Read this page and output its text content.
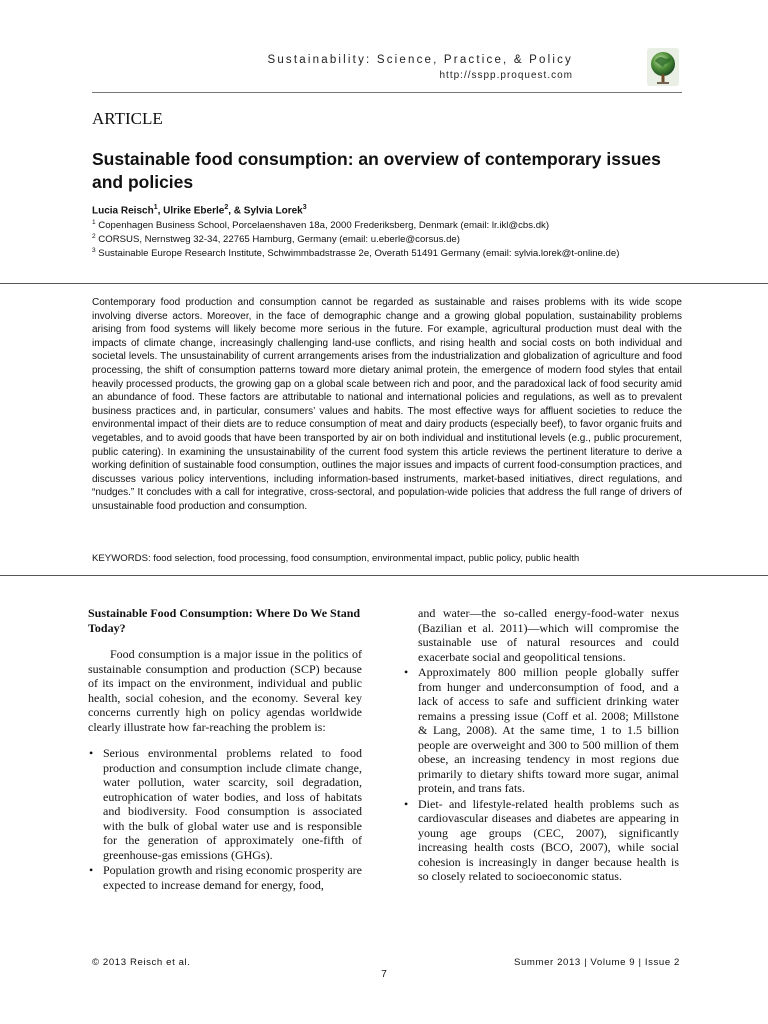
Sustainability: Science, Practice, & Policy
http://sspp.proquest.com
ARTICLE
Sustainable food consumption: an overview of contemporary issues and policies
Lucia Reisch$^1$, Ulrike Eberle$^2$, & Sylvia Lorek$^3$
$^1$ Copenhagen Business School, Porcelaenshaven 18a, 2000 Frederiksberg, Denmark (email: lr.ikl@cbs.dk)
$^2$ CORSUS, Nernstweg 32-34, 22765 Hamburg, Germany (email: u.eberle@corsus.de)
$^3$ Sustainable Europe Research Institute, Schwimmbadstrasse 2e, Overath 51491 Germany (email: sylvia.lorek@t-online.de)

Contemporary food production and consumption cannot be regarded as sustainable and raises problems with its wide scope involving diverse actors. Moreover, in the face of demographic change and a growing global population, sustainability problems arising from food systems will likely become more serious in the future. For example, agricultural production must deal with the impacts of climate change, increasingly challenging land-use conflicts, and rising health and social costs on both individual and societal levels. The unsustainability of current arrangements arises from the industrialization and globalization of agriculture and food processing, the shift of consumption patterns toward more dietary animal protein, the emergence of modern food styles that entail heavily processed products, the growing gap on a global scale between rich and poor, and the paradoxical lack of food security amid an abundance of food. These factors are attributable to national and international policies and regulations, as well as to prevalent business practices and, in particular, consumers’ values and habits. The most effective ways for affluent societies to reduce the environmental impact of their diets are to reduce consumption of meat and dairy products (especially beef), to favor organic fruits and vegetables, and to avoid goods that have been transported by air on both individual and institutional levels (e.g., public procurement, public catering). In examining the unsustainability of the current food system this article reviews the pertinent literature to derive a working definition of sustainable food consumption, outlines the major issues and impacts of current food-consumption practices, and discusses various policy interventions, including information-based instruments, market-based initiatives, direct regulations, and “nudges.” It concludes with a call for integrative, cross-sectoral, and population-wide policies that address the full range of drivers of unsustainable food production and consumption.

KEYWORDS: food selection, food processing, food consumption, environmental impact, public policy, public health
Sustainable Food Consumption: Where Do We Stand Today?

Food consumption is a major issue in the politics of sustainable consumption and production (SCP) because of its impact on the environment, individual and public health, social cohesion, and the economy. Several key concerns currently high on policy agendas worldwide clearly illustrate how far-reaching the problem is:

• Serious environmental problems related to food production and consumption include climate change, water pollution, water scarcity, soil degradation, eutrophication of water bodies, and loss of habitats and biodiversity. Food consumption is associated with the bulk of global water use and is responsible for the generation of approximately one-fifth of greenhouse-gas emissions (GHGs).
• Population growth and rising economic prosperity are expected to increase demand for energy, food,

and water—the so-called energy-food-water nexus (Bazilian et al. 2011)—which will compromise the sustainable use of natural resources and could exacerbate social and geopolitical tensions.

• Approximately 800 million people globally suffer from hunger and underconsumption of food, and a lack of access to safe and sufficient drinking water remains a pressing issue (Coff et al. 2008; Millstone & Lang, 2008). At the same time, 1 to 1.5 billion people are overweight and 300 to 500 million of them obese, an increasing tendency in most regions due primarily to dietary shifts toward more sugar, animal protein, and trans fats.
• Diet- and lifestyle-related health problems such as cardiovascular diseases and diabetes are appearing in young age groups (CEC, 2007), significantly increasing health costs (BCO, 2007), while social cohesion is increasingly in danger because health is so closely related to socioeconomic status.
© 2013 Reisch et al.	Summer 2013 | Volume 9 | Issue 2
7
